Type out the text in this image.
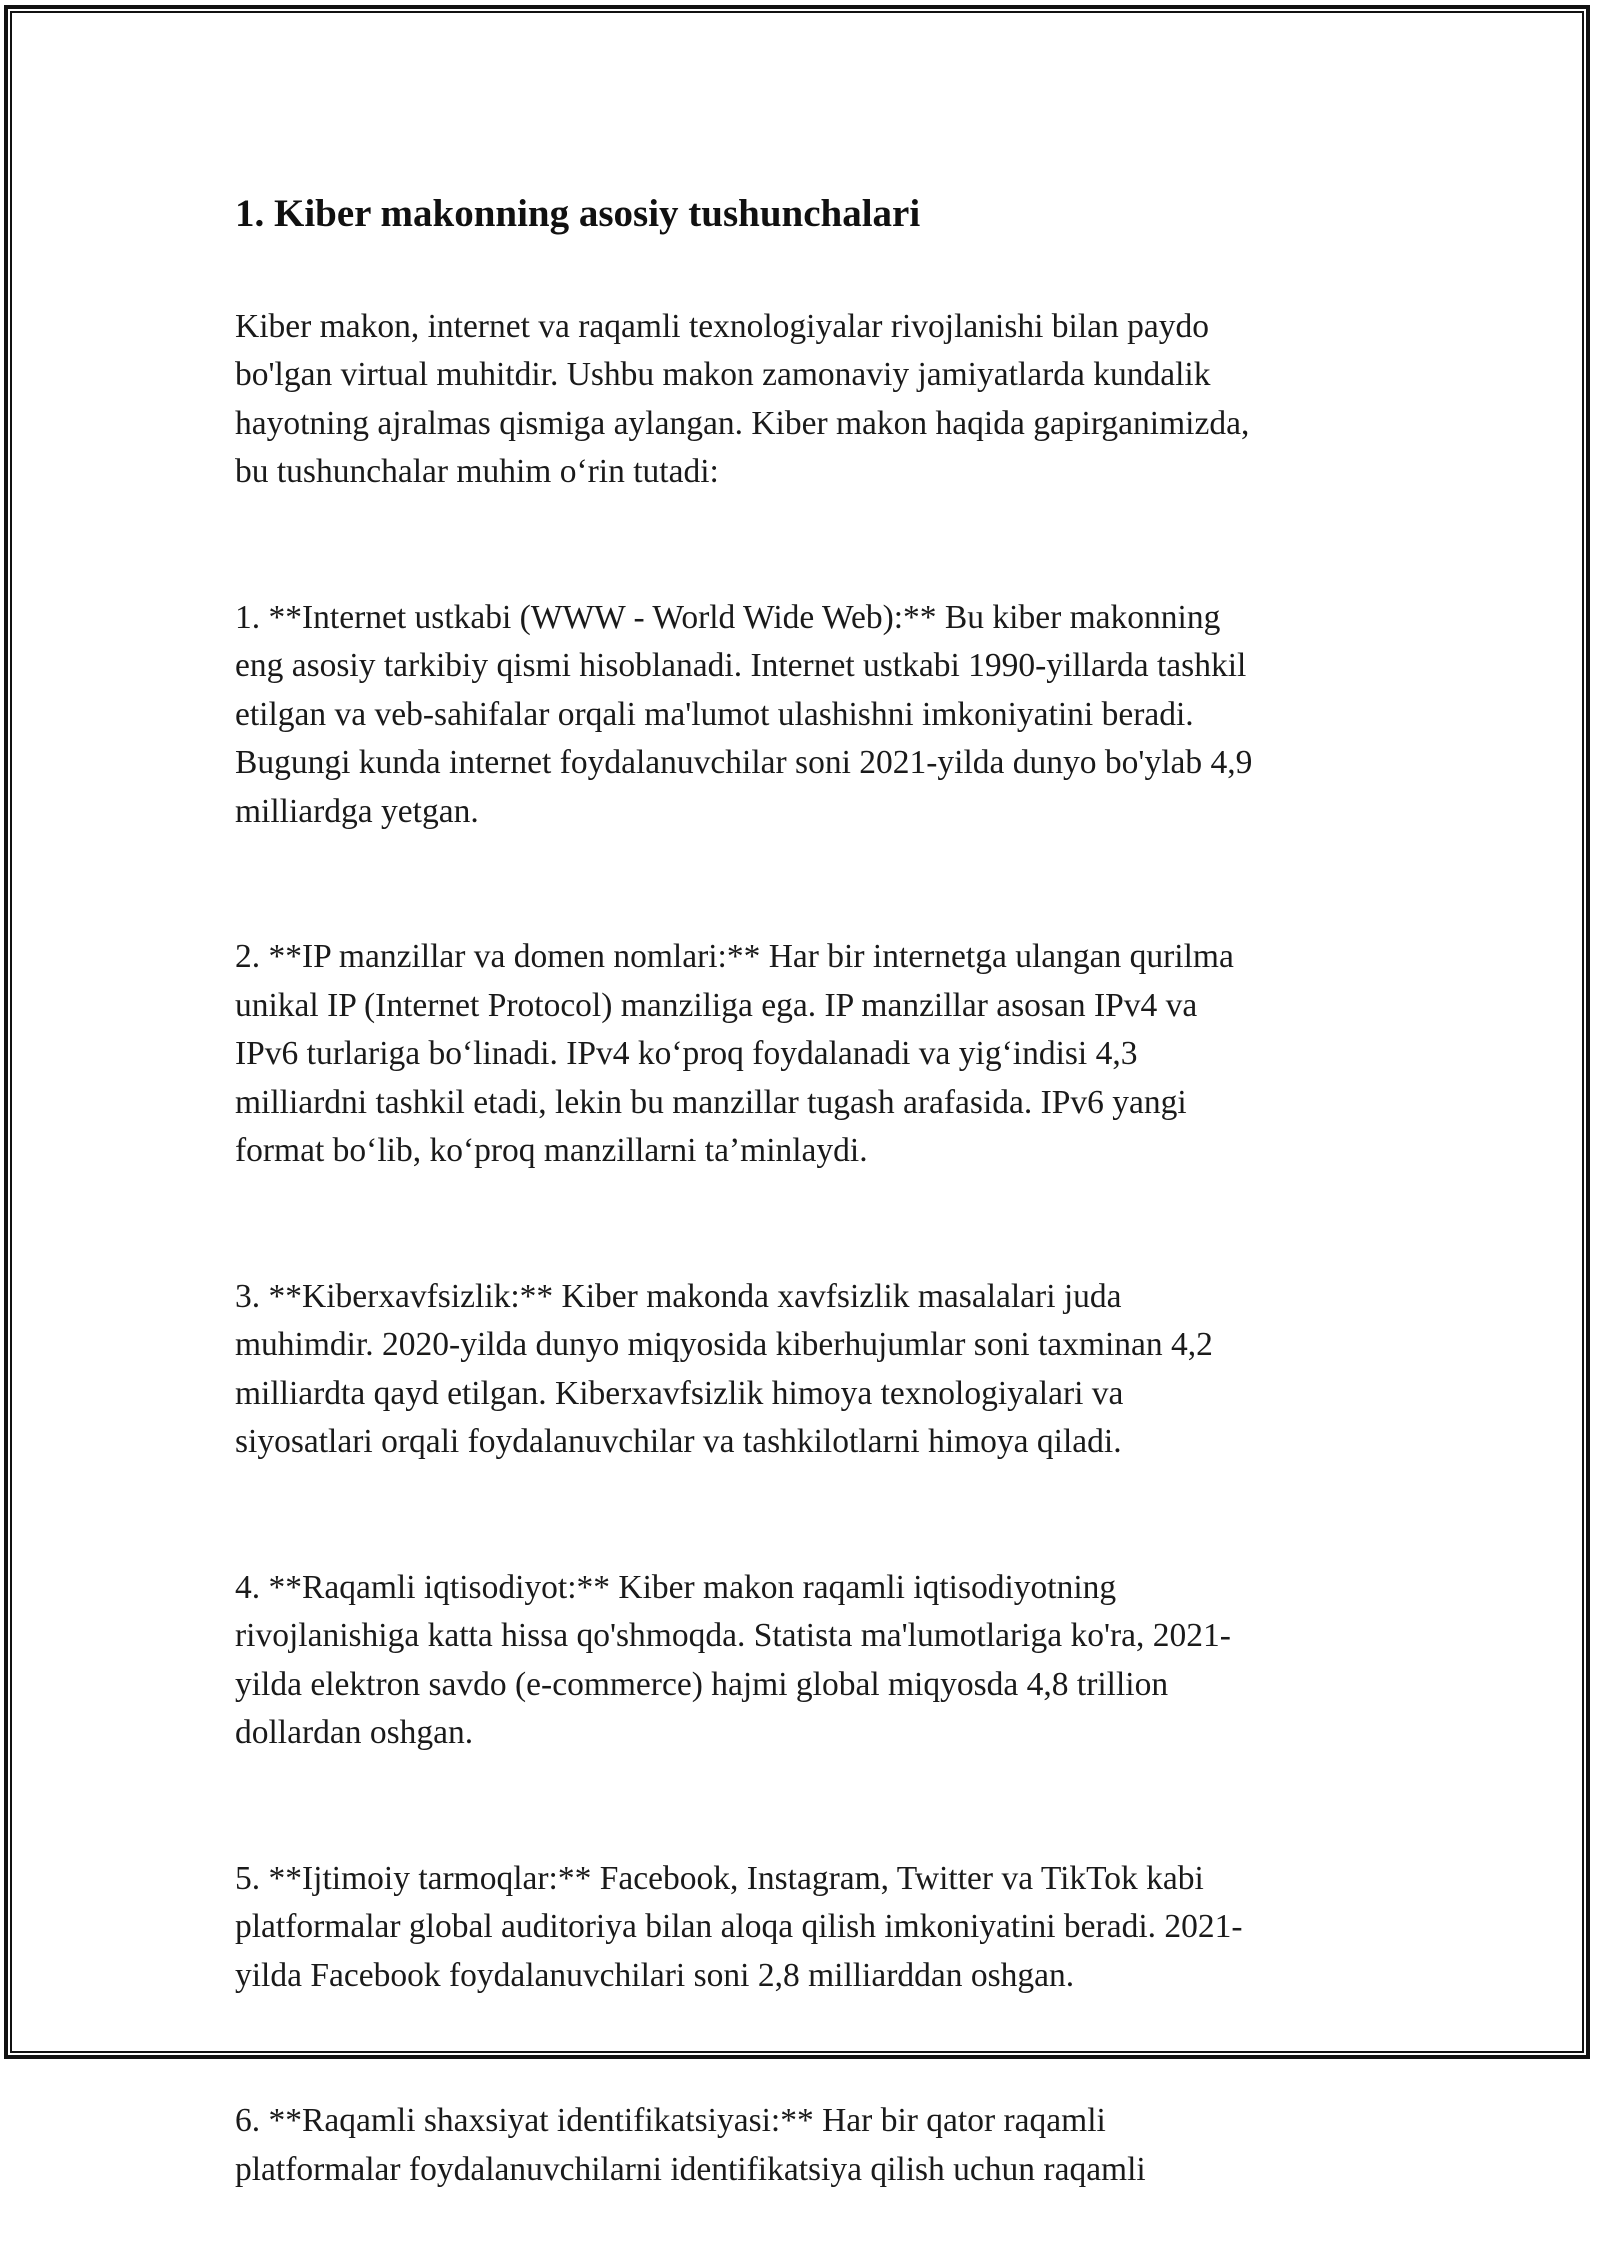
1. Kiber makonning asosiy tushunchalari

Kiber makon, internet va raqamli texnologiyalar rivojlanishi bilan paydo
bo'lgan virtual muhitdir. Ushbu makon zamonaviy jamiyatlarda kundalik
hayotning ajralmas qismiga aylangan. Kiber makon haqida gapirganimizda,
bu tushunchalar muhim oʻrin tutadi:

1. **Internet ustkabi (WWW - World Wide Web):** Bu kiber makonning
eng asosiy tarkibiy qismi hisoblanadi. Internet ustkabi 1990-yillarda tashkil
etilgan va veb-sahifalar orqali ma'lumot ulashishni imkoniyatini beradi.
Bugungi kunda internet foydalanuvchilar soni 2021-yilda dunyo bo'ylab 4,9
milliardga yetgan.

2. **IP manzillar va domen nomlari:** Har bir internetga ulangan qurilma
unikal IP (Internet Protocol) manziliga ega. IP manzillar asosan IPv4 va
IPv6 turlariga boʻlinadi. IPv4 koʻproq foydalanadi va yigʻindisi 4,3
milliardni tashkil etadi, lekin bu manzillar tugash arafasida. IPv6 yangi
format boʻlib, koʻproq manzillarni taʼminlaydi.

3. **Kiberxavfsizlik:** Kiber makonda xavfsizlik masalalari juda
muhimdir. 2020-yilda dunyo miqyosida kiberhujumlar soni taxminan 4,2
milliardta qayd etilgan. Kiberxavfsizlik himoya texnologiyalari va
siyosatlari orqali foydalanuvchilar va tashkilotlarni himoya qiladi.

4. **Raqamli iqtisodiyot:** Kiber makon raqamli iqtisodiyotning
rivojlanishiga katta hissa qo'shmoqda. Statista ma'lumotlariga ko'ra, 2021-
yilda elektron savdo (e-commerce) hajmi global miqyosda 4,8 trillion
dollardan oshgan.

5. **Ijtimoiy tarmoqlar:** Facebook, Instagram, Twitter va TikTok kabi
platformalar global auditoriya bilan aloqa qilish imkoniyatini beradi. 2021-
yilda Facebook foydalanuvchilari soni 2,8 milliarddan oshgan.

6. **Raqamli shaxsiyat identifikatsiyasi:** Har bir qator raqamli
platformalar foydalanuvchilarni identifikatsiya qilish uchun raqamli
